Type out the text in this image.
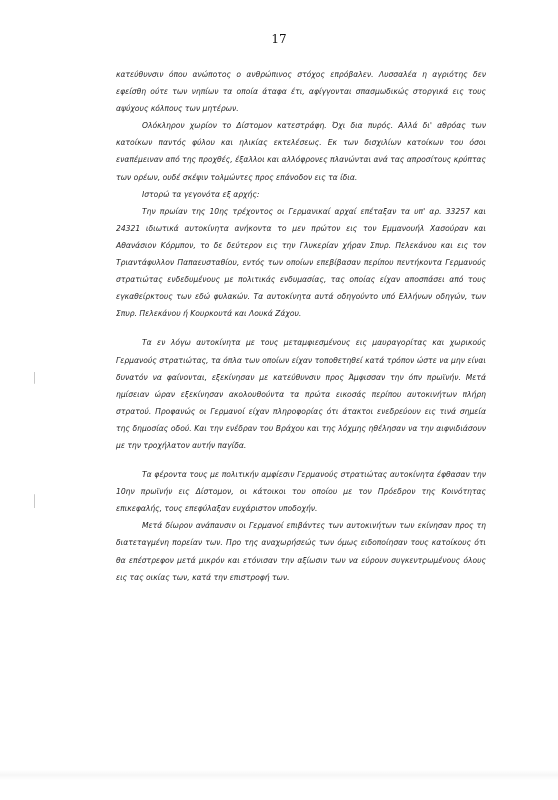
17

κατεύθυνσιν όπου ανώποτος ο ανθρώπινος στόχος επρόβαλεν. Λυσσαλέα η αγριότης δεν εφείσθη ούτε των νηπίων τα οποία άταφα έτι, αφίγγονται σπασμωδικώς στοργικά εις τους αψύχους κόλπους των μητέρων.

Ολόκληρον χωρίον το Δίστομον κατεστράφη. Όχι δια πυρός. Αλλά δι' αθρόας των κατοίκων παντός φύλου και ηλικίας εκτελέσεως. Εκ των δισχιλίων κατοίκων του όσοι εναπέμειναν από της προχθές, έξαλλοι και αλλόφρονες πλανώνται ανά τας απροσίτους κρύπτας των ορέων, ουδέ σκέψιν τολμώντες προς επάνοδον εις τα ίδια.

Ιστορώ τα γεγονότα εξ αρχής:

Την πρωίαν της 10ης τρέχοντος οι Γερμανικαί αρχαί επέταξαν τα υπ' αρ. 33257 και 24321 ιδιωτικά αυτοκίνητα ανήκοντα το μεν πρώτον εις τον Εμμανουήλ Χασούραν και Αθανάσιον Κόρμπον, το δε δεύτερον εις την Γλυκερίαν χήραν Σπυρ. Πελεκάνου και εις τον Τριαντάφυλλον Παπαευσταθίου, εντός των οποίων επεβίβασαν περίπου πεντήκοντα Γερμανούς στρατιώτας ενδεδυμένους με πολιτικάς ενδυμασίας, τας οποίας είχαν αποσπάσει από τους εγκαθείρκτους των εδώ φυλακών. Τα αυτοκίνητα αυτά οδηγούντο υπό Ελλήνων οδηγών, των Σπυρ. Πελεκάνου ή Κουρκουτά και Λουκά Ζάχου.

Τα εν λόγω αυτοκίνητα με τους μεταμφιεσμένους εις μαυραγορίτας και χωρικούς Γερμανούς στρατιώτας, τα όπλα των οποίων είχαν τοποθετηθεί κατά τρόπον ώστε να μην είναι δυνατόν να φαίνονται, εξεκίνησαν με κατεύθυνσιν προς Άμφισσαν την όπν πρωϊνήν. Μετά ημίσειαν ώραν εξεκίνησαν ακολουθούντα τα πρώτα εικοσάς περίπου αυτοκινήτων πλήρη στρατού. Προφανώς οι Γερμανοί είχαν πληροφορίας ότι άτακτοι ενεδρεύουν εις τινά σημεία της δημοσίας οδού. Και την ενέδραν του Βράχου και της λόχμης ηθέλησαν να την αιφνιδιάσουν με την τροχήλατον αυτήν παγίδα.

Τα φέροντα τους με πολιτικήν αμφίεσιν Γερμανούς στρατιώτας αυτοκίνητα έφθασαν την 10ην πρωϊνήν εις Δίστομον, οι κάτοικοι του οποίου με τον Πρόεδρον της Κοινότητας επικεφαλής, τους επεφύλαξαν ευχάριστον υποδοχήν.

Μετά δίωρον ανάπαυσιν οι Γερμανοί επιβάντες των αυτοκινήτων των εκίνησαν προς τη διατεταγμένη πορείαν των. Προ της αναχωρήσεώς των όμως ειδοποίησαν τους κατοίκους ότι θα επέστρεφον μετά μικρόν και ετόνισαν την αξίωσιν των να εύρουν συγκεντρωμένους όλους εις τας οικίας των, κατά την επιστροφή των.
